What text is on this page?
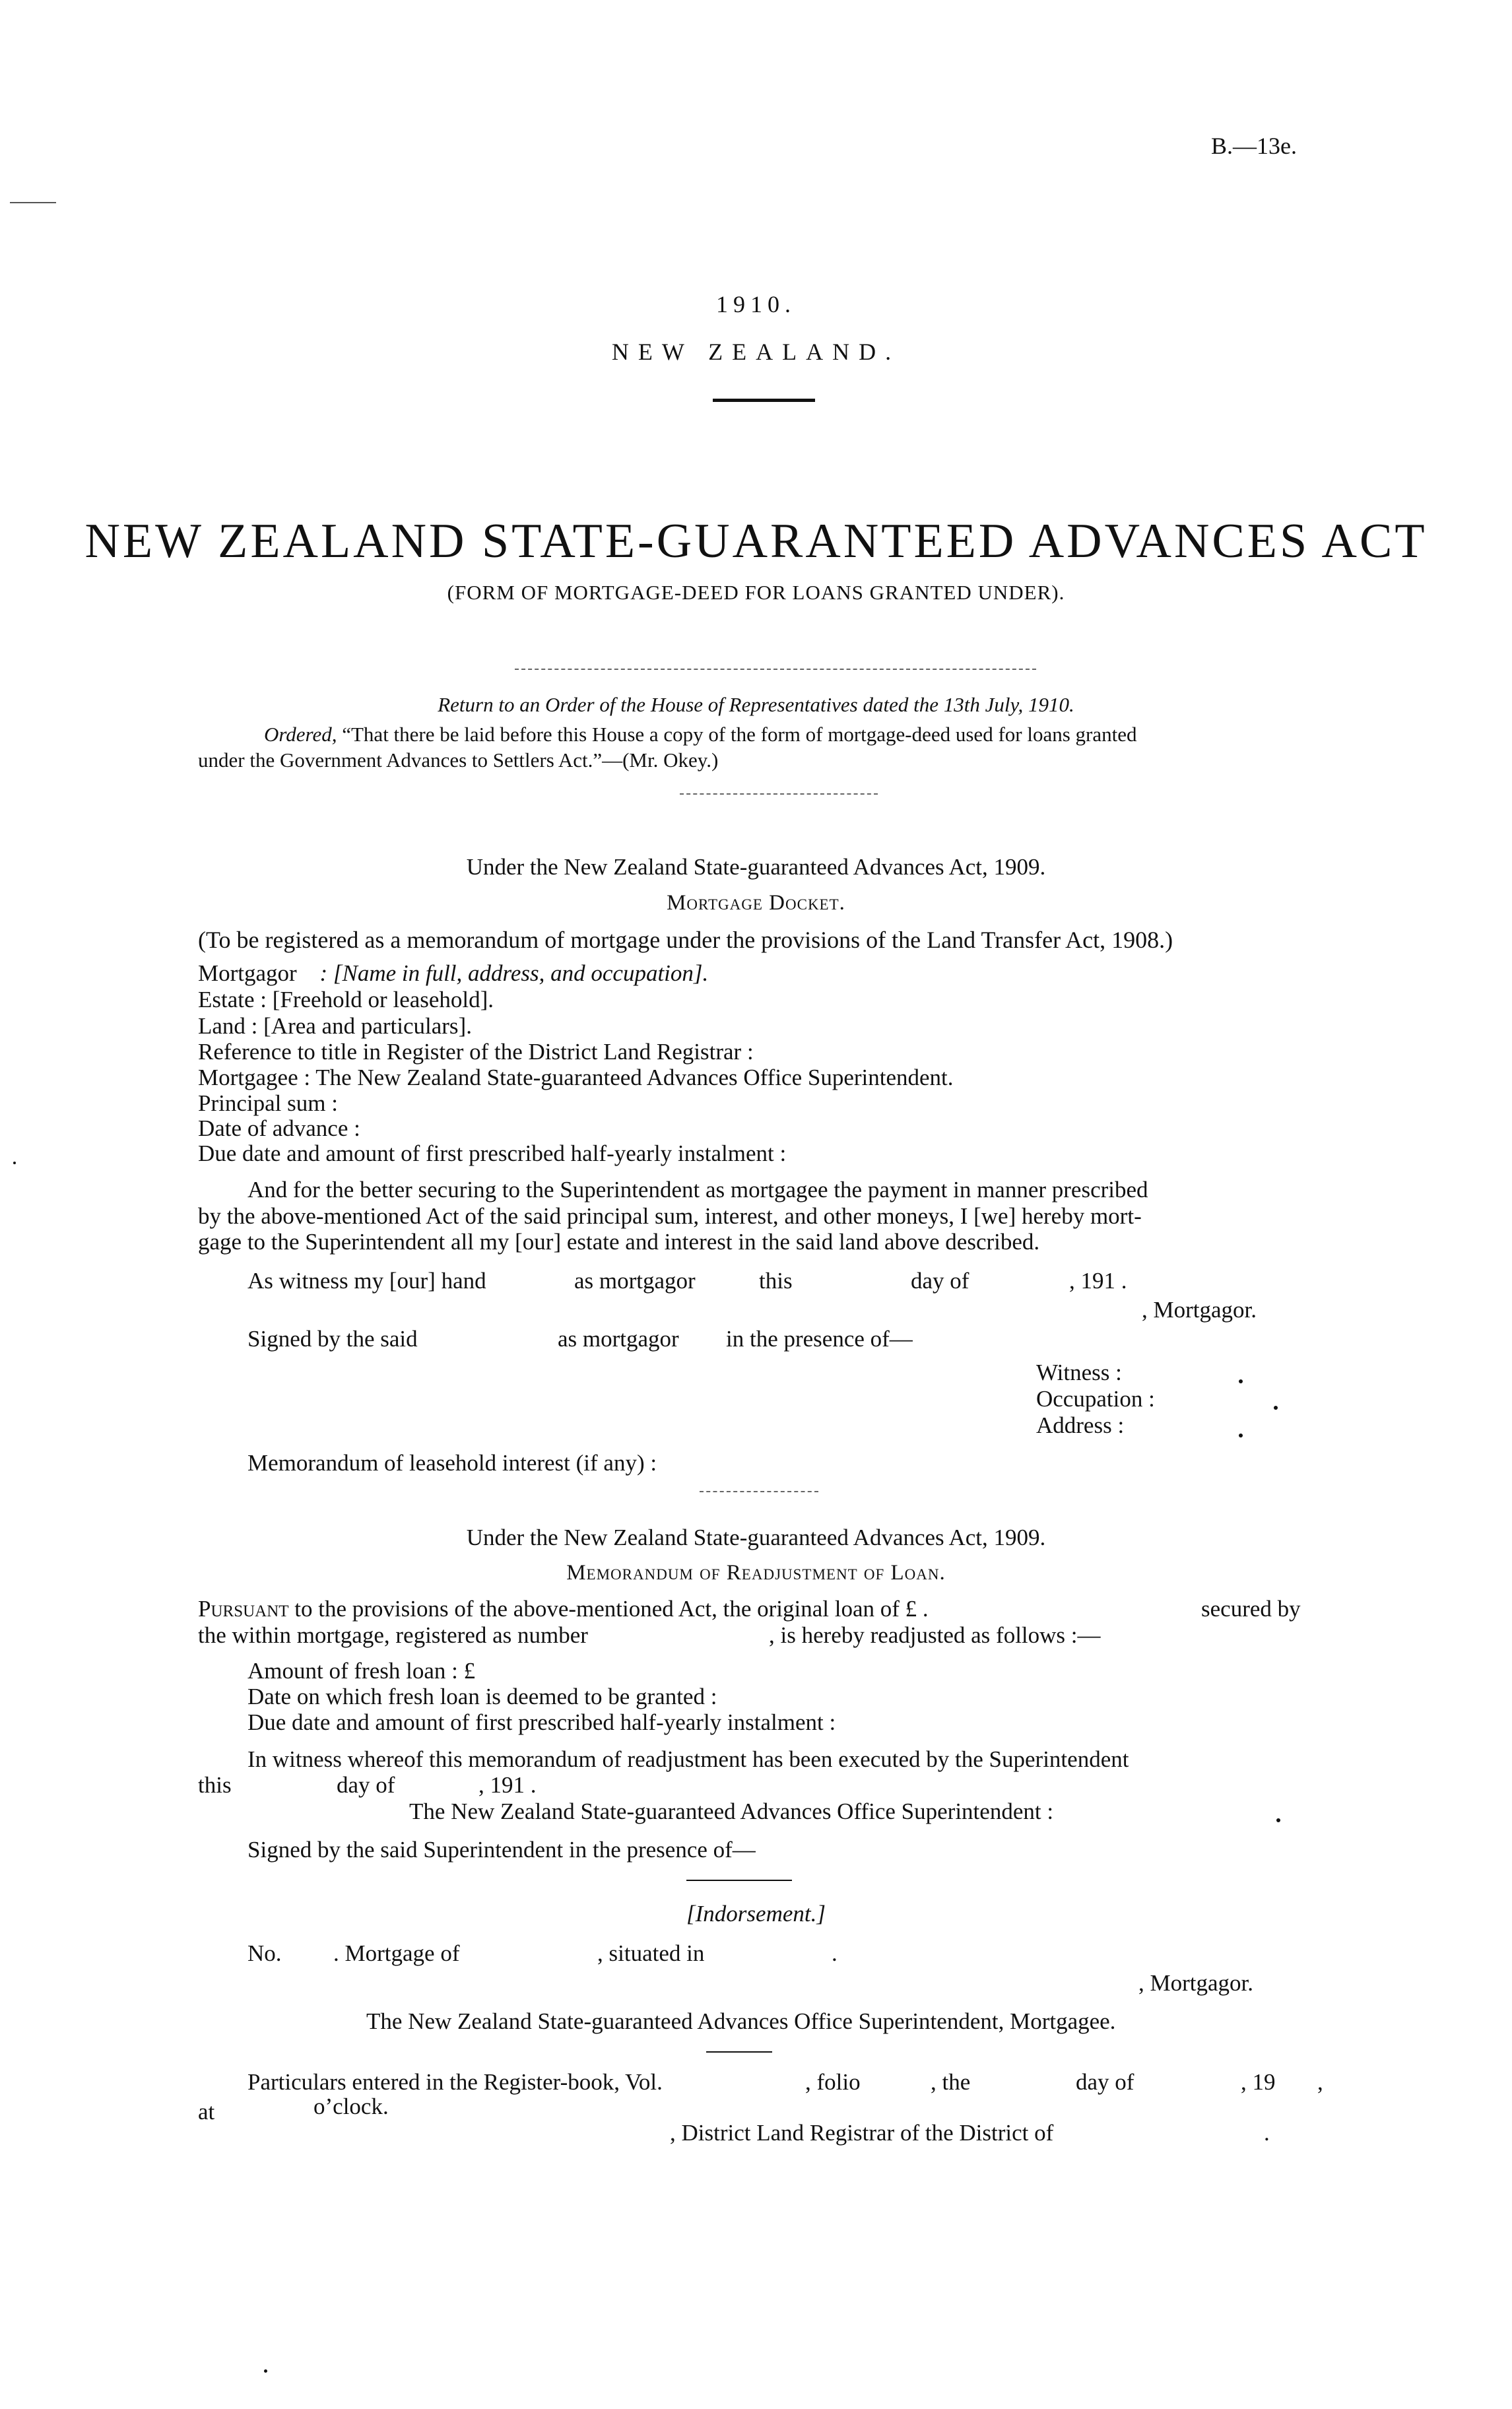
B.—13e.
1910.
NEW ZEALAND.
NEW ZEALAND STATE-GUARANTEED ADVANCES ACT
(FORM OF MORTGAGE-DEED FOR LOANS GRANTED UNDER).
Return to an Order of the House of Representatives dated the 13th July, 1910.
Ordered, “That there be laid before this House a copy of the form of mortgage-deed used for loans granted
under the Government Advances to Settlers Act.”—(Mr. Okey.)
Under the New Zealand State-guaranteed Advances Act, 1909.
Mortgage Docket.
(To be registered as a memorandum of mortgage under the provisions of the Land Transfer Act, 1908.)
Mortgagor : [Name in full, address, and occupation].
Estate : [Freehold or leasehold].
Land : [Area and particulars].
Reference to title in Register of the District Land Registrar :
Mortgagee : The New Zealand State-guaranteed Advances Office Superintendent.
Principal sum :
Date of advance :
Due date and amount of first prescribed half-yearly instalment :
And for the better securing to the Superintendent as mortgagee the payment in manner prescribed
by the above-mentioned Act of the said principal sum, interest, and other moneys, I [we] hereby mort-
gage to the Superintendent all my [our] estate and interest in the said land above described.
As witness my [our] hand	as mortgagor	this	day of	, 191 .
, Mortgagor.
Signed by the said	as mortgagor in the presence of—
Witness :
Occupation :
Address :
Memorandum of leasehold interest (if any) :
Under the New Zealand State-guaranteed Advances Act, 1909.
Memorandum of Readjustment of Loan.
Pursuant to the provisions of the above-mentioned Act, the original loan of £ .	secured by
the within mortgage, registered as number	, is hereby readjusted as follows :—
Amount of fresh loan : £
Date on which fresh loan is deemed to be granted :
Due date and amount of first prescribed half-yearly instalment :
In witness whereof this memorandum of readjustment has been executed by the Superintendent
this	day of	, 191 .
The New Zealand State-guaranteed Advances Office Superintendent :
Signed by the said Superintendent in the presence of—
[Indorsement.]
No. . Mortgage of	, situated in	.
, Mortgagor.
The New Zealand State-guaranteed Advances Office Superintendent, Mortgagee.
Particulars entered in the Register-book, Vol.	, folio	, the	day of	, 19 ,
at	o’clock.
, District Land Registrar of the District of	.
